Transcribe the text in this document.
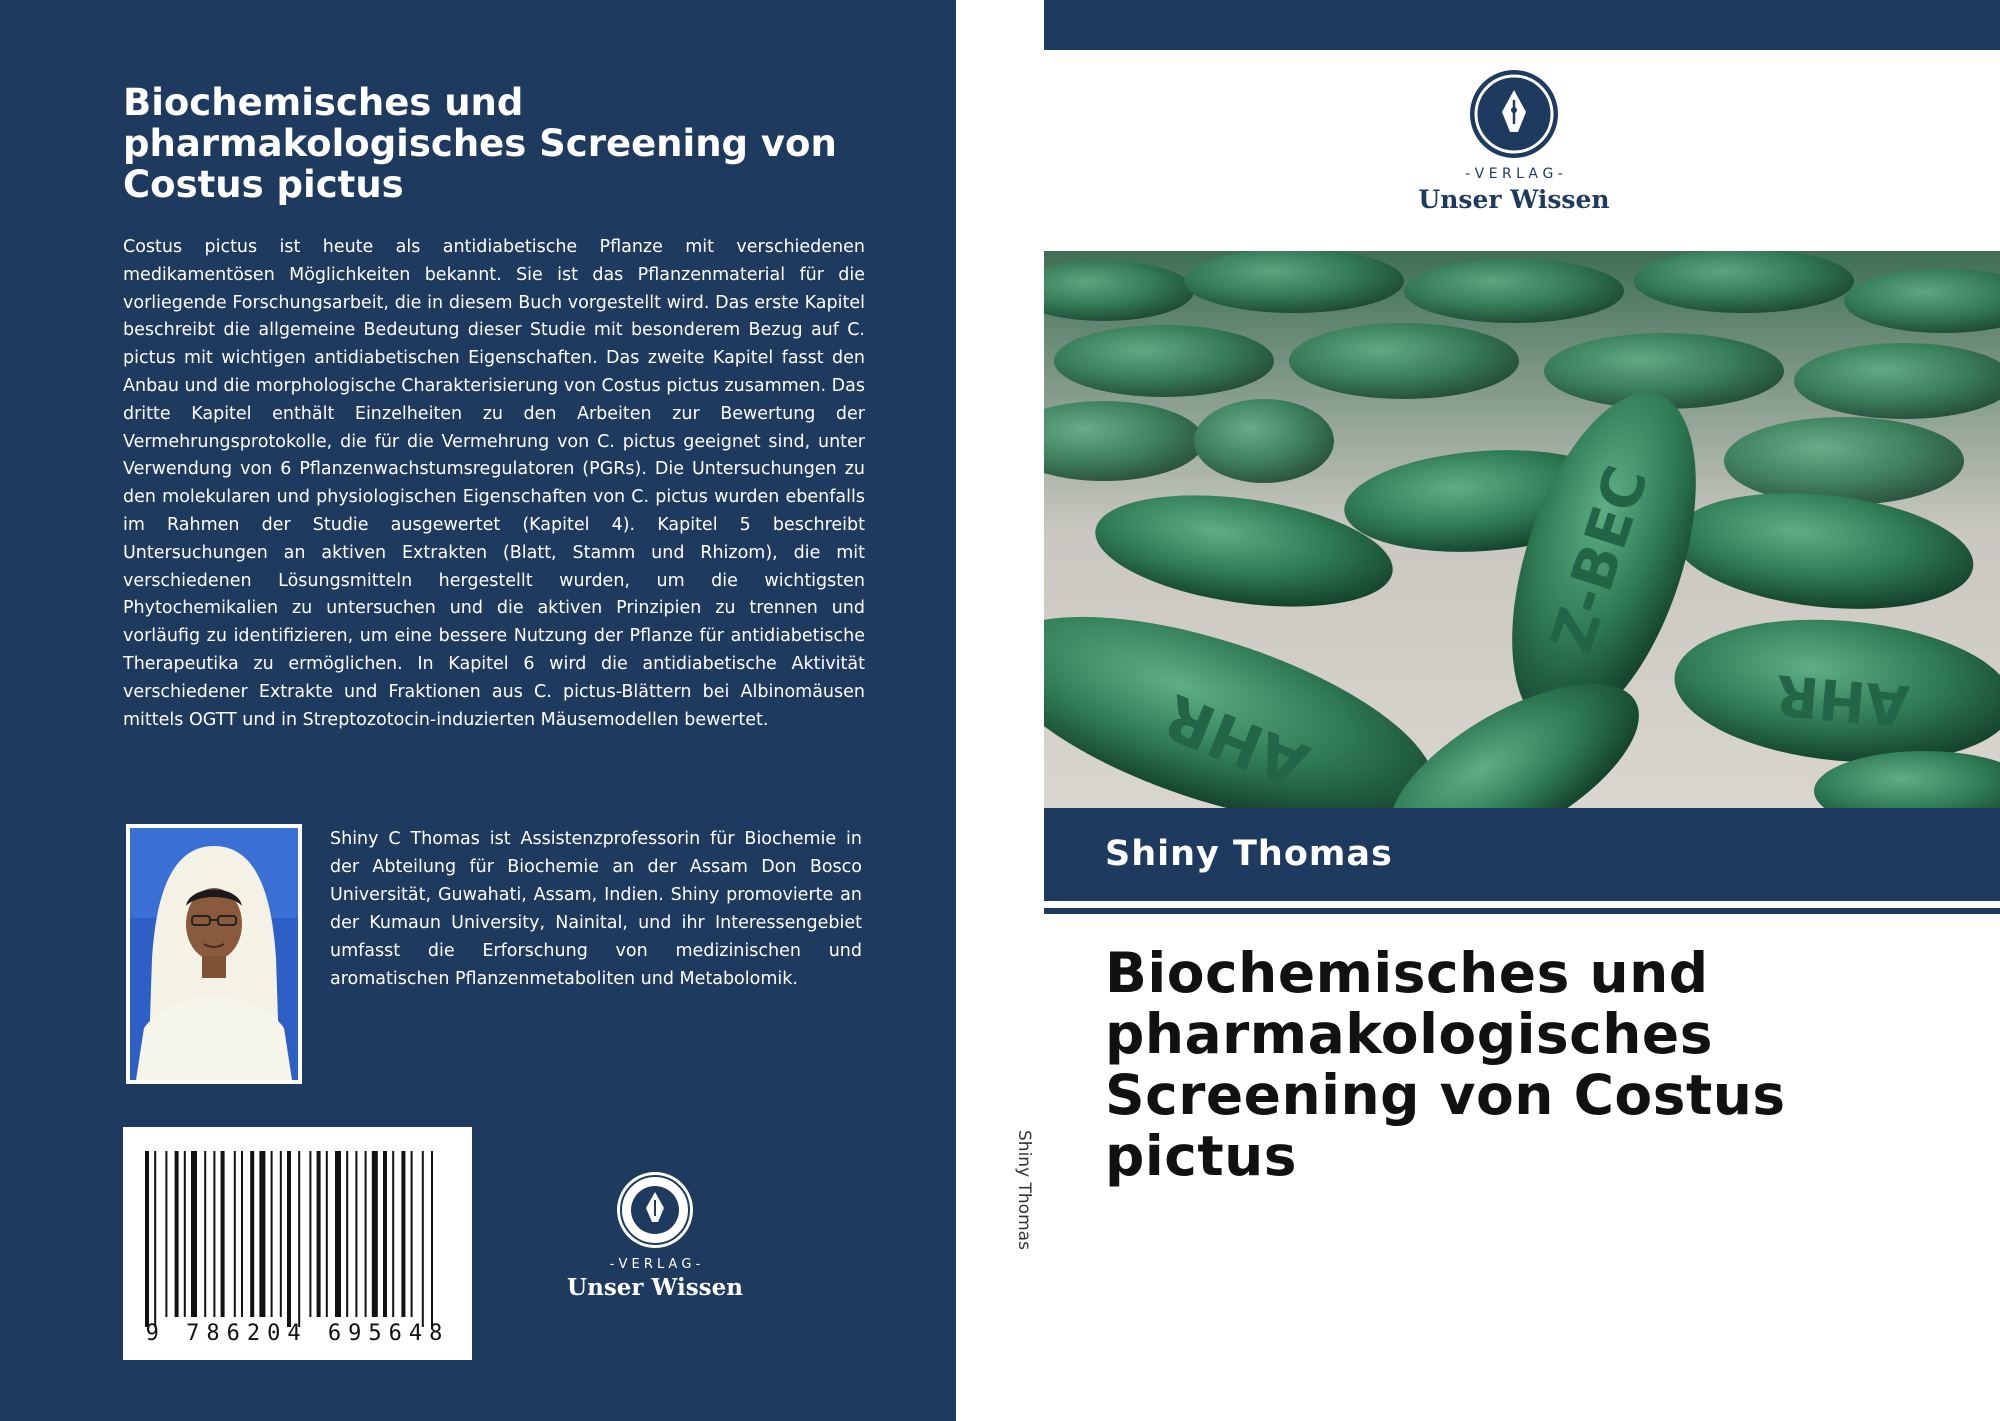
Biochemisches und pharmakologisches Screening von Costus pictus

Costus pictus ist heute als antidiabetische Pflanze mit verschiedenen medikamentösen Möglichkeiten bekannt. Sie ist das Pflanzenmaterial für die vorliegende Forschungsarbeit, die in diesem Buch vorgestellt wird. Das erste Kapitel beschreibt die allgemeine Bedeutung dieser Studie mit besonderem Bezug auf C. pictus mit wichtigen antidiabetischen Eigenschaften. Das zweite Kapitel fasst den Anbau und die morphologische Charakterisierung von Costus pictus zusammen. Das dritte Kapitel enthält Einzelheiten zu den Arbeiten zur Bewertung der Vermehrungsprotokolle, die für die Vermehrung von C. pictus geeignet sind, unter Verwendung von 6 Pflanzenwachstumsregulatoren (PGRs). Die Untersuchungen zu den molekularen und physiologischen Eigenschaften von C. pictus wurden ebenfalls im Rahmen der Studie ausgewertet (Kapitel 4). Kapitel 5 beschreibt Untersuchungen an aktiven Extrakten (Blatt, Stamm und Rhizom), die mit verschiedenen Lösungsmitteln hergestellt wurden, um die wichtigsten Phytochemikalien zu untersuchen und die aktiven Prinzipien zu trennen und vorläufig zu identifizieren, um eine bessere Nutzung der Pflanze für antidiabetische Therapeutika zu ermöglichen. In Kapitel 6 wird die antidiabetische Aktivität verschiedener Extrakte und Fraktionen aus C. pictus-Blättern bei Albinomäusen mittels OGTT und in Streptozotocin-induzierten Mäusemodellen bewertet.

Shiny C Thomas ist Assistenzprofessorin für Biochemie in der Abteilung für Biochemie an der Assam Don Bosco Universität, Guwahati, Assam, Indien. Shiny promovierte an der Kumaun University, Nainital, und ihr Interessengebiet umfasst die Erforschung von medizinischen und aromatischen Pflanzenmetaboliten und Metabolomik.

9 786204 695648
- V E R L A G -
Unser Wissen
Shiny Thomas
- V E R L A G -
Unser Wissen
Z-BEC
AHR	AHR
Shiny Thomas
Biochemisches und pharmakologisches Screening von Costus pictus
